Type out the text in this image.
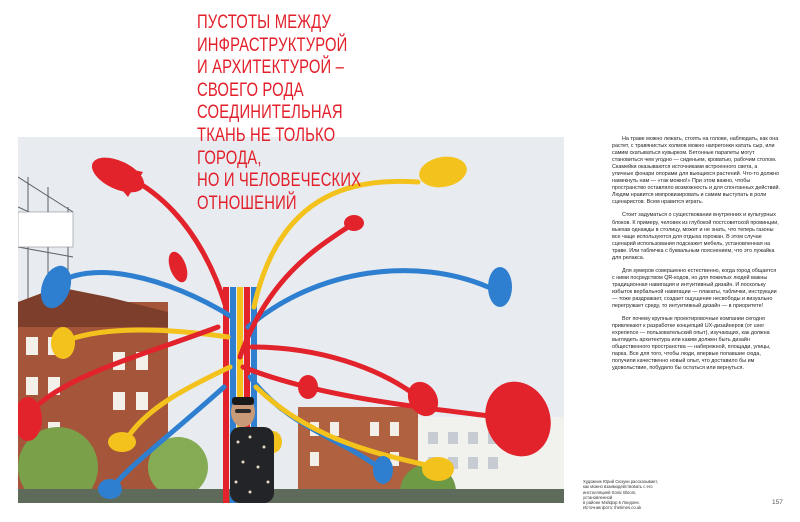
ПУСТОТЫ МЕЖДУ
ИНФРАСТРУКТУРОЙ
И АРХИТЕКТУРОЙ –
СВОЕГО РОДА
СОЕДИНИТЕЛЬНАЯ
ТКАНЬ НЕ ТОЛЬКО
ГОРОДА,
НО И ЧЕЛОВЕЧЕСКИХ
ОТНОШЕНИЙ

На траве можно лежать, стоять на голове, наблюдать, как она растет, с травянистых холмов можно напрегонки катать сыр, или самим скатываться кувырком. Бетонные парапеты могут становиться чем угодно — сиденьем, кроватью, рабочим столом. Скамейки оказываются источниками встроенного света, а уличные фонари опорами для вьющихся растений. Что-то должно намекнуть нам — «так можно!» При этом важно, чтобы пространство оставляло возможность и для спонтанных действий. Людям нравится импровизировать и самим выступать в роли сценаристов. Всем нравится играть.

Стоит задуматься о существовании внутренних и культурных блоков. К примеру, человек из глубокой постсоветской провинции, выехав однажды в столицу, может и не знать, что теперь газоны все чаще используются для отдыха горожан. В этом случае сценарий использования подскажет мебель, установленная на траве. Или табличка с буквальным пояснением, что это лужайка для релакса.

Для зумеров совершенно естественно, когда город общается с ними посредством QR-кодов, но для пожилых людей важны традиционная навигация и интуитивный дизайн. И поскольку избыток вербальной навигации — плакаты, таблички, инструкции — тоже раздражает, создает ощущение несвободы и визуально перегружает среду, то интуитивный дизайн — в приоритете!

Вот почему крупные проектировочные компании сегодня привлекают к разработке концепций UX-дизайнеров (от user experience — пользовательский опыт), изучающих, как должна выглядеть архитектура или каким должен быть дизайн общественного пространства — набережной, площади, улицы, парка. Все для того, чтобы люди, впервые попавшие сюда, получили качественно новый опыт, что доставило бы им удовольствие, побудило бы остаться или вернуться.

Художник Юрий Сюзуки рассказывает,
как можно взаимодействовать с его
инсталляцией Sonic Bloom, установленной
в районе Мэйфэр в Лондоне.
Источник фото: thetimes.co.uk
157
